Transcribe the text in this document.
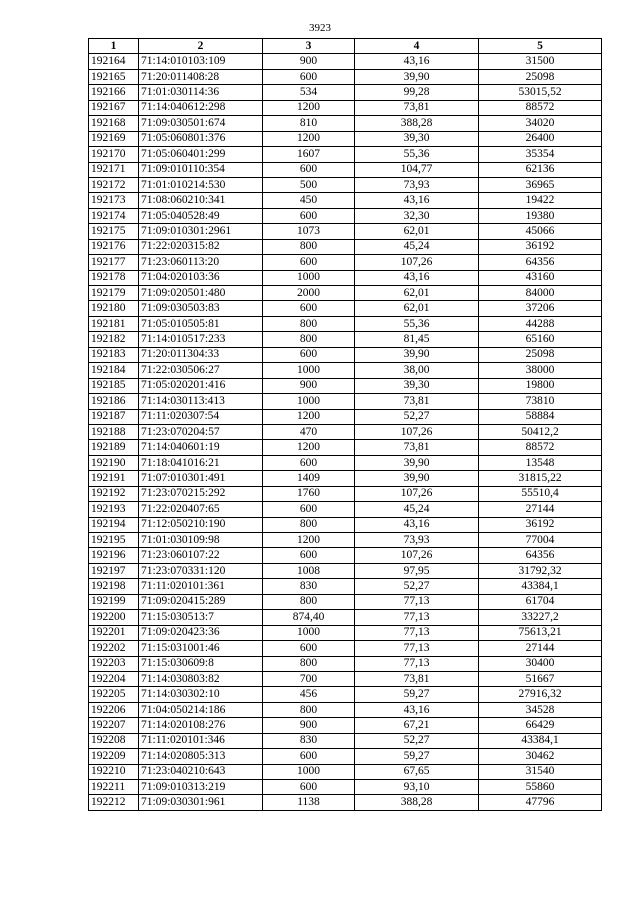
3923
1	2	3	4	5
192164	71:14:010103:109	900	43,16	31500
192165	71:20:011408:28	600	39,90	25098
192166	71:01:030114:36	534	99,28	53015,52
192167	71:14:040612:298	1200	73,81	88572
192168	71:09:030501:674	810	388,28	34020
192169	71:05:060801:376	1200	39,30	26400
192170	71:05:060401:299	1607	55,36	35354
192171	71:09:010110:354	600	104,77	62136
192172	71:01:010214:530	500	73,93	36965
192173	71:08:060210:341	450	43,16	19422
192174	71:05:040528:49	600	32,30	19380
192175	71:09:010301:2961	1073	62,01	45066
192176	71:22:020315:82	800	45,24	36192
192177	71:23:060113:20	600	107,26	64356
192178	71:04:020103:36	1000	43,16	43160
192179	71:09:020501:480	2000	62,01	84000
192180	71:09:030503:83	600	62,01	37206
192181	71:05:010505:81	800	55,36	44288
192182	71:14:010517:233	800	81,45	65160
192183	71:20:011304:33	600	39,90	25098
192184	71:22:030506:27	1000	38,00	38000
192185	71:05:020201:416	900	39,30	19800
192186	71:14:030113:413	1000	73,81	73810
192187	71:11:020307:54	1200	52,27	58884
192188	71:23:070204:57	470	107,26	50412,2
192189	71:14:040601:19	1200	73,81	88572
192190	71:18:041016:21	600	39,90	13548
192191	71:07:010301:491	1409	39,90	31815,22
192192	71:23:070215:292	1760	107,26	55510,4
192193	71:22:020407:65	600	45,24	27144
192194	71:12:050210:190	800	43,16	36192
192195	71:01:030109:98	1200	73,93	77004
192196	71:23:060107:22	600	107,26	64356
192197	71:23:070331:120	1008	97,95	31792,32
192198	71:11:020101:361	830	52,27	43384,1
192199	71:09:020415:289	800	77,13	61704
192200	71:15:030513:7	874,40	77,13	33227,2
192201	71:09:020423:36	1000	77,13	75613,21
192202	71:15:031001:46	600	77,13	27144
192203	71:15:030609:8	800	77,13	30400
192204	71:14:030803:82	700	73,81	51667
192205	71:14:030302:10	456	59,27	27916,32
192206	71:04:050214:186	800	43,16	34528
192207	71:14:020108:276	900	67,21	66429
192208	71:11:020101:346	830	52,27	43384,1
192209	71:14:020805:313	600	59,27	30462
192210	71:23:040210:643	1000	67,65	31540
192211	71:09:010313:219	600	93,10	55860
192212	71:09:030301:961	1138	388,28	47796
